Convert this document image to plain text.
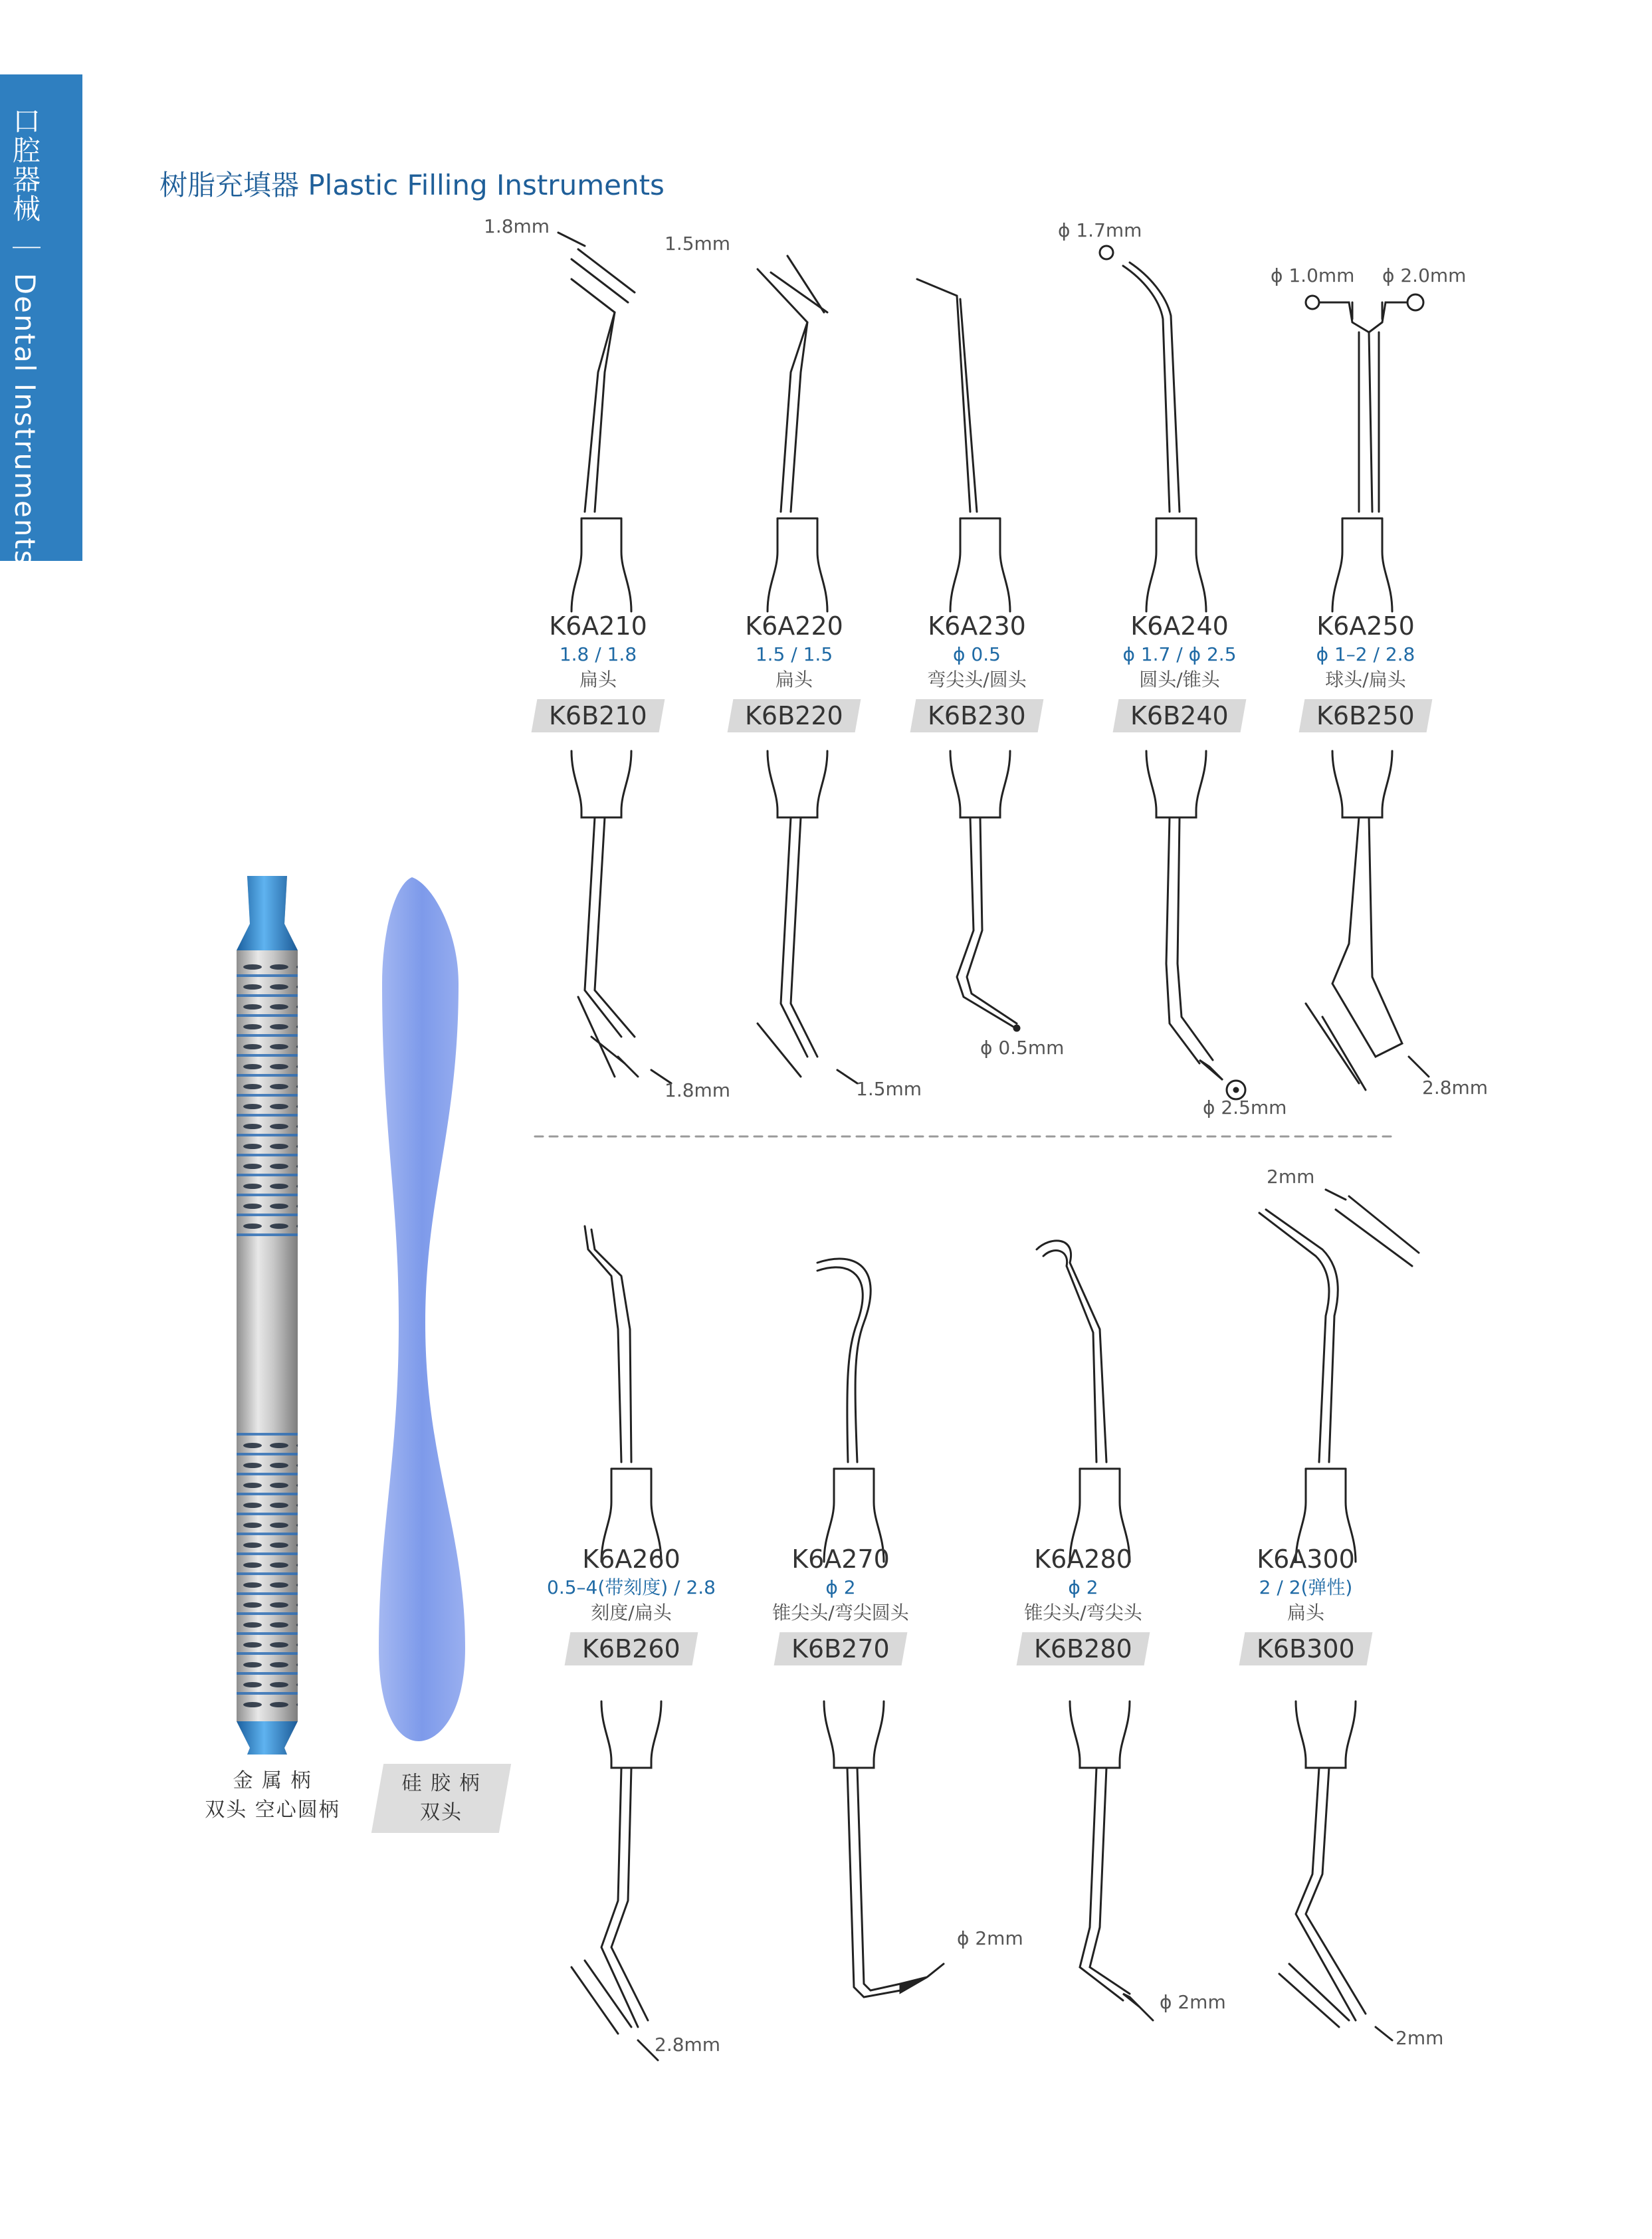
口腔器械 ｜ Dental Instruments	树脂充填器 Plastic Filling Instruments
1.8mm
1.8mm
1.5mm
1.5mm
ϕ 0.5mm
ϕ 1.7mm
ϕ 2.5mm
ϕ 1.0mm ϕ 2.0mm
2.8mm
2.8mm
ϕ 2mm
ϕ 2mm
2mm
2mm
K6A210
1.8 / 1.8
扁头
K6B210
K6A220
1.5 / 1.5
扁头
K6B220
K6A230
ϕ 0.5
弯尖头/圆头
K6B230
K6A240
ϕ 1.7 / ϕ 2.5
圆头/锥头
K6B240
K6A250
ϕ 1–2 / 2.8
球头/扁头
K6B250
K6A260
0.5–4(带刻度) / 2.8
刻度/扁头
K6B260
K6A270
ϕ 2
锥尖头/弯尖圆头
K6B270
K6A280
ϕ 2
锥尖头/弯尖头
K6B280
K6A300
2 / 2(弹性)
扁头
K6B300
金 属 柄
双头 空心圆柄
硅 胶 柄
双头
